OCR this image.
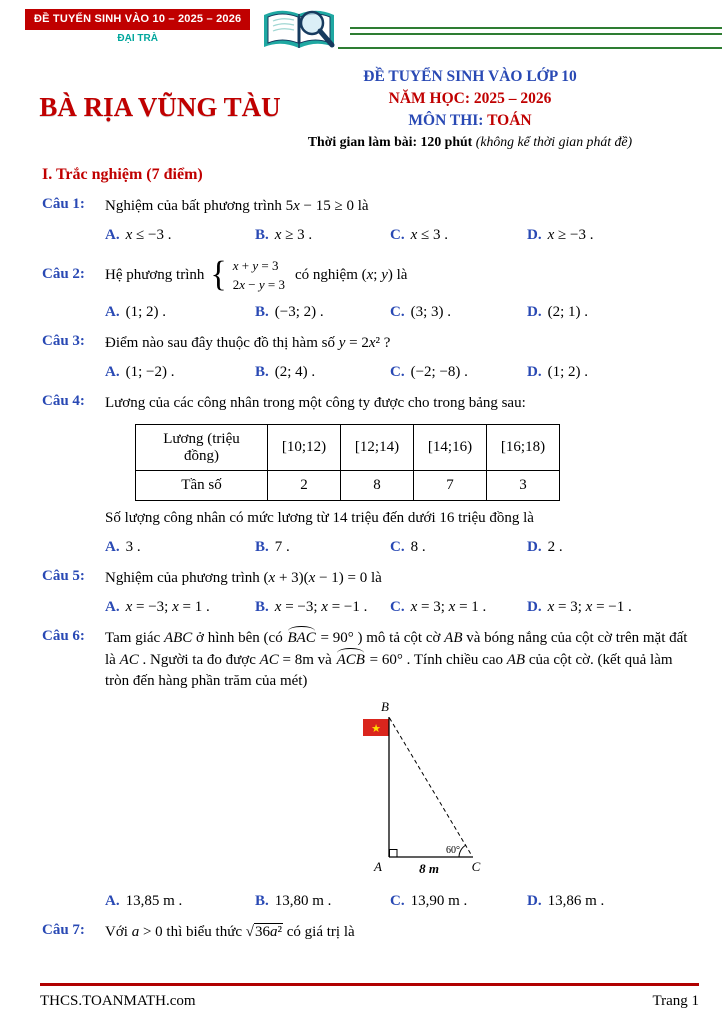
ĐỀ TUYỂN SINH VÀO 10 – 2025 – 2026
ĐẠI TRÀ
BÀ RỊA VŨNG TÀU
ĐỀ TUYỂN SINH VÀO LỚP 10
NĂM HỌC: 2025 – 2026
MÔN THI: TOÁN
Thời gian làm bài: 120 phút (không kể thời gian phát đề)
I. Trắc nghiệm (7 điểm)
Câu 1:	Nghiệm của bất phương trình 5x − 15 ≥ 0 là
A. x ≤ −3 .	B. x ≥ 3 .	C. x ≤ 3 .	D. x ≥ −3 .
Câu 2:	Hệ phương trình { x + y = 3
2x − y = 3
có nghiệm (x; y) là
A. (1; 2) .	B. (−3; 2) .	C. (3; 3) .	D. (2; 1) .
Câu 3:	Điểm nào sau đây thuộc đồ thị hàm số y = 2x² ?
A. (1; −2) .	B. (2; 4) .	C. (−2; −8) .	D. (1; 2) .
Câu 4:	Lương của các công nhân trong một công ty được cho trong bảng sau:
Lương (triệu đồng)	[10;12)	[12;14)	[14;16)	[16;18)
Tần số	2	8	7	3
Số lượng công nhân có mức lương từ 14 triệu đến dưới 16 triệu đồng là
A. 3 .	B. 7 .	C. 8 .	D. 2 .
Câu 5:	Nghiệm của phương trình (x + 3)(x − 1) = 0 là
A. x = −3; x = 1 .	B. x = −3; x = −1 .	C. x = 3; x = 1 .	D. x = 3; x = −1 .
Câu 6:	Tam giác ABC ở hình bên (có BAC = 90° ) mô tả cột cờ AB và bóng nắng của cột cờ trên mặt đất là AC . Người ta đo được AC = 8m và ACB = 60° . Tính chiều cao AB của cột cờ. (kết quả làm tròn đến hàng phần trăm của mét)
★
B
A	C
8 m
60°
A. 13,85 m .	B. 13,80 m .	C. 13,90 m .	D. 13,86 m .
Câu 7:	Với a > 0 thì biểu thức √36a² có giá trị là
THCS.TOANMATH.com	Trang 1
